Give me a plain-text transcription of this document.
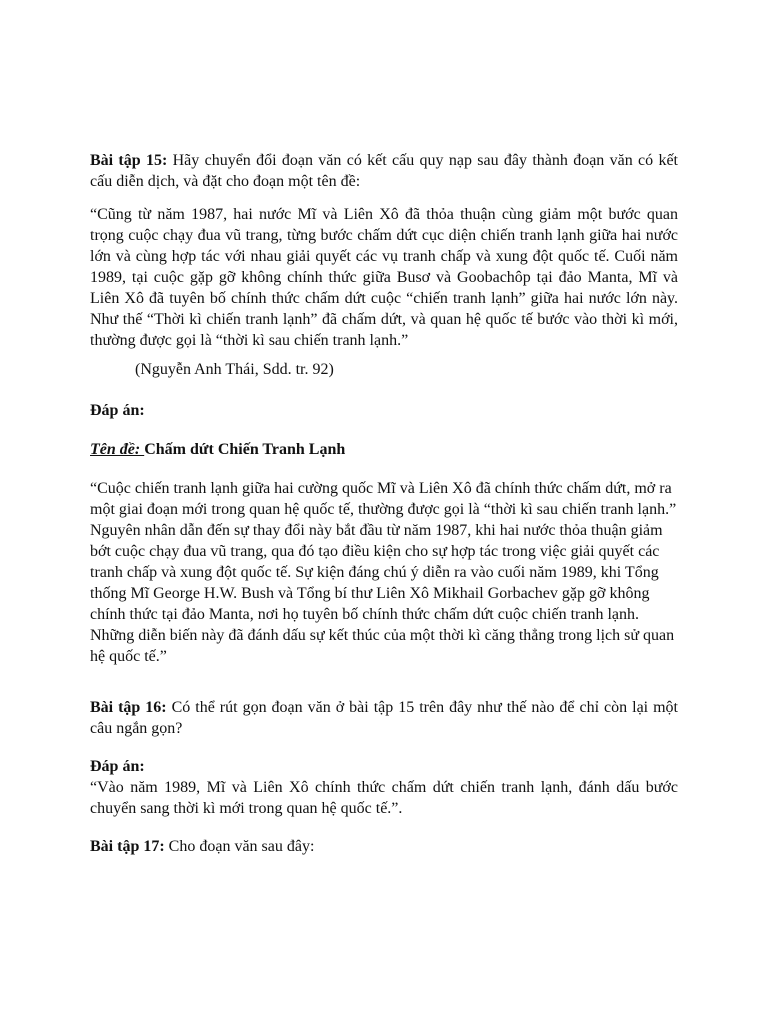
Bài tập 15: Hãy chuyển đổi đoạn văn có kết cấu quy nạp sau đây thành đoạn văn có kết cấu diễn dịch, và đặt cho đoạn một tên đề:

“Cũng từ năm 1987, hai nước Mĩ và Liên Xô đã thỏa thuận cùng giảm một bước quan trọng cuộc chạy đua vũ trang, từng bước chấm dứt cục diện chiến tranh lạnh giữa hai nước lớn và cùng hợp tác với nhau giải quyết các vụ tranh chấp và xung đột quốc tế. Cuối năm 1989, tại cuộc gặp gỡ không chính thức giữa Busơ và Goobachôp tại đảo Manta, Mĩ và Liên Xô đã tuyên bố chính thức chấm dứt cuộc “chiến tranh lạnh” giữa hai nước lớn này. Như thế “Thời kì chiến tranh lạnh” đã chấm dứt, và quan hệ quốc tế bước vào thời kì mới, thường được gọi là “thời kì sau chiến tranh lạnh.”

(Nguyễn Anh Thái, Sdd. tr. 92)

Đáp án:

Tên đề: Chấm dứt Chiến Tranh Lạnh

“Cuộc chiến tranh lạnh giữa hai cường quốc Mĩ và Liên Xô đã chính thức chấm dứt, mở ra một giai đoạn mới trong quan hệ quốc tế, thường được gọi là “thời kì sau chiến tranh lạnh.” Nguyên nhân dẫn đến sự thay đổi này bắt đầu từ năm 1987, khi hai nước thỏa thuận giảm bớt cuộc chạy đua vũ trang, qua đó tạo điều kiện cho sự hợp tác trong việc giải quyết các tranh chấp và xung đột quốc tế. Sự kiện đáng chú ý diễn ra vào cuối năm 1989, khi Tổng thống Mĩ George H.W. Bush và Tổng bí thư Liên Xô Mikhail Gorbachev gặp gỡ không chính thức tại đảo Manta, nơi họ tuyên bố chính thức chấm dứt cuộc chiến tranh lạnh. Những diễn biến này đã đánh dấu sự kết thúc của một thời kì căng thẳng trong lịch sử quan hệ quốc tế.”

Bài tập 16: Có thể rút gọn đoạn văn ở bài tập 15 trên đây như thế nào để chỉ còn lại một câu ngắn gọn?

Đáp án:

“Vào năm 1989, Mĩ và Liên Xô chính thức chấm dứt chiến tranh lạnh, đánh dấu bước chuyển sang thời kì mới trong quan hệ quốc tế.”.

Bài tập 17: Cho đoạn văn sau đây:
